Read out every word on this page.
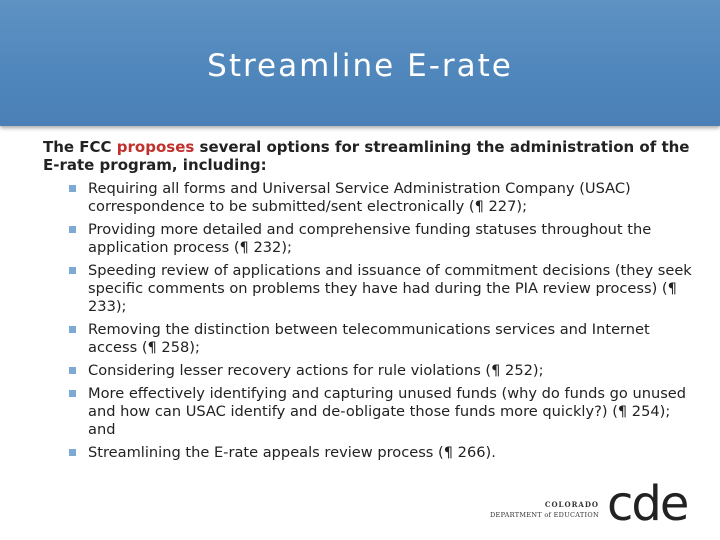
Streamline E-rate

The FCC proposes several options for streamlining the administration of the E-rate program, including:

Requiring all forms and Universal Service Administration Company (USAC) correspondence to be submitted/sent electronically (¶ 227);
Providing more detailed and comprehensive funding statuses throughout the application process (¶ 232);
Speeding review of applications and issuance of commitment decisions (they seek specific comments on problems they have had during the PIA review process) (¶ 233);
Removing the distinction between telecommunications services and Internet access (¶ 258);
Considering lesser recovery actions for rule violations (¶ 252);
More effectively identifying and capturing unused funds (why do funds go unused and how can USAC identify and de-obligate those funds more quickly?) (¶ 254); and
Streamlining the E-rate appeals review process (¶ 266).
COLORADO
DEPARTMENT of EDUCATION cde
